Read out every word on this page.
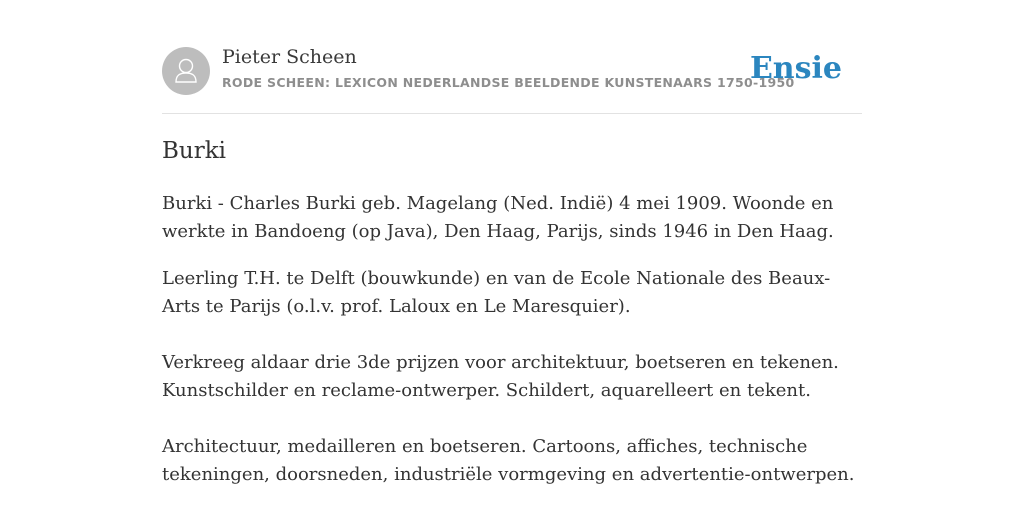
Pieter Scheen
RODE SCHEEN: LEXICON NEDERLANDSE BEELDENDE KUNSTENAARS 1750-1950
Ensie
Burki

Burki - Charles Burki geb. Magelang (Ned. Indië) 4 mei 1909. Woonde en werkte in Bandoeng (op Java), Den Haag, Parijs, sinds 1946 in Den Haag.

Leerling T.H. te Delft (bouwkunde) en van de Ecole Nationale des Beaux-Arts te Parijs (o.l.v. prof. Laloux en Le Maresquier).

Verkreeg aldaar drie 3de prijzen voor architektuur, boetseren en tekenen. Kunstschilder en reclame-ontwerper. Schildert, aquarelleert en tekent.

Architectuur, medailleren en boetseren. Cartoons, affiches, technische tekeningen, doorsneden, industriële vormgeving en advertentie-ontwerpen.
